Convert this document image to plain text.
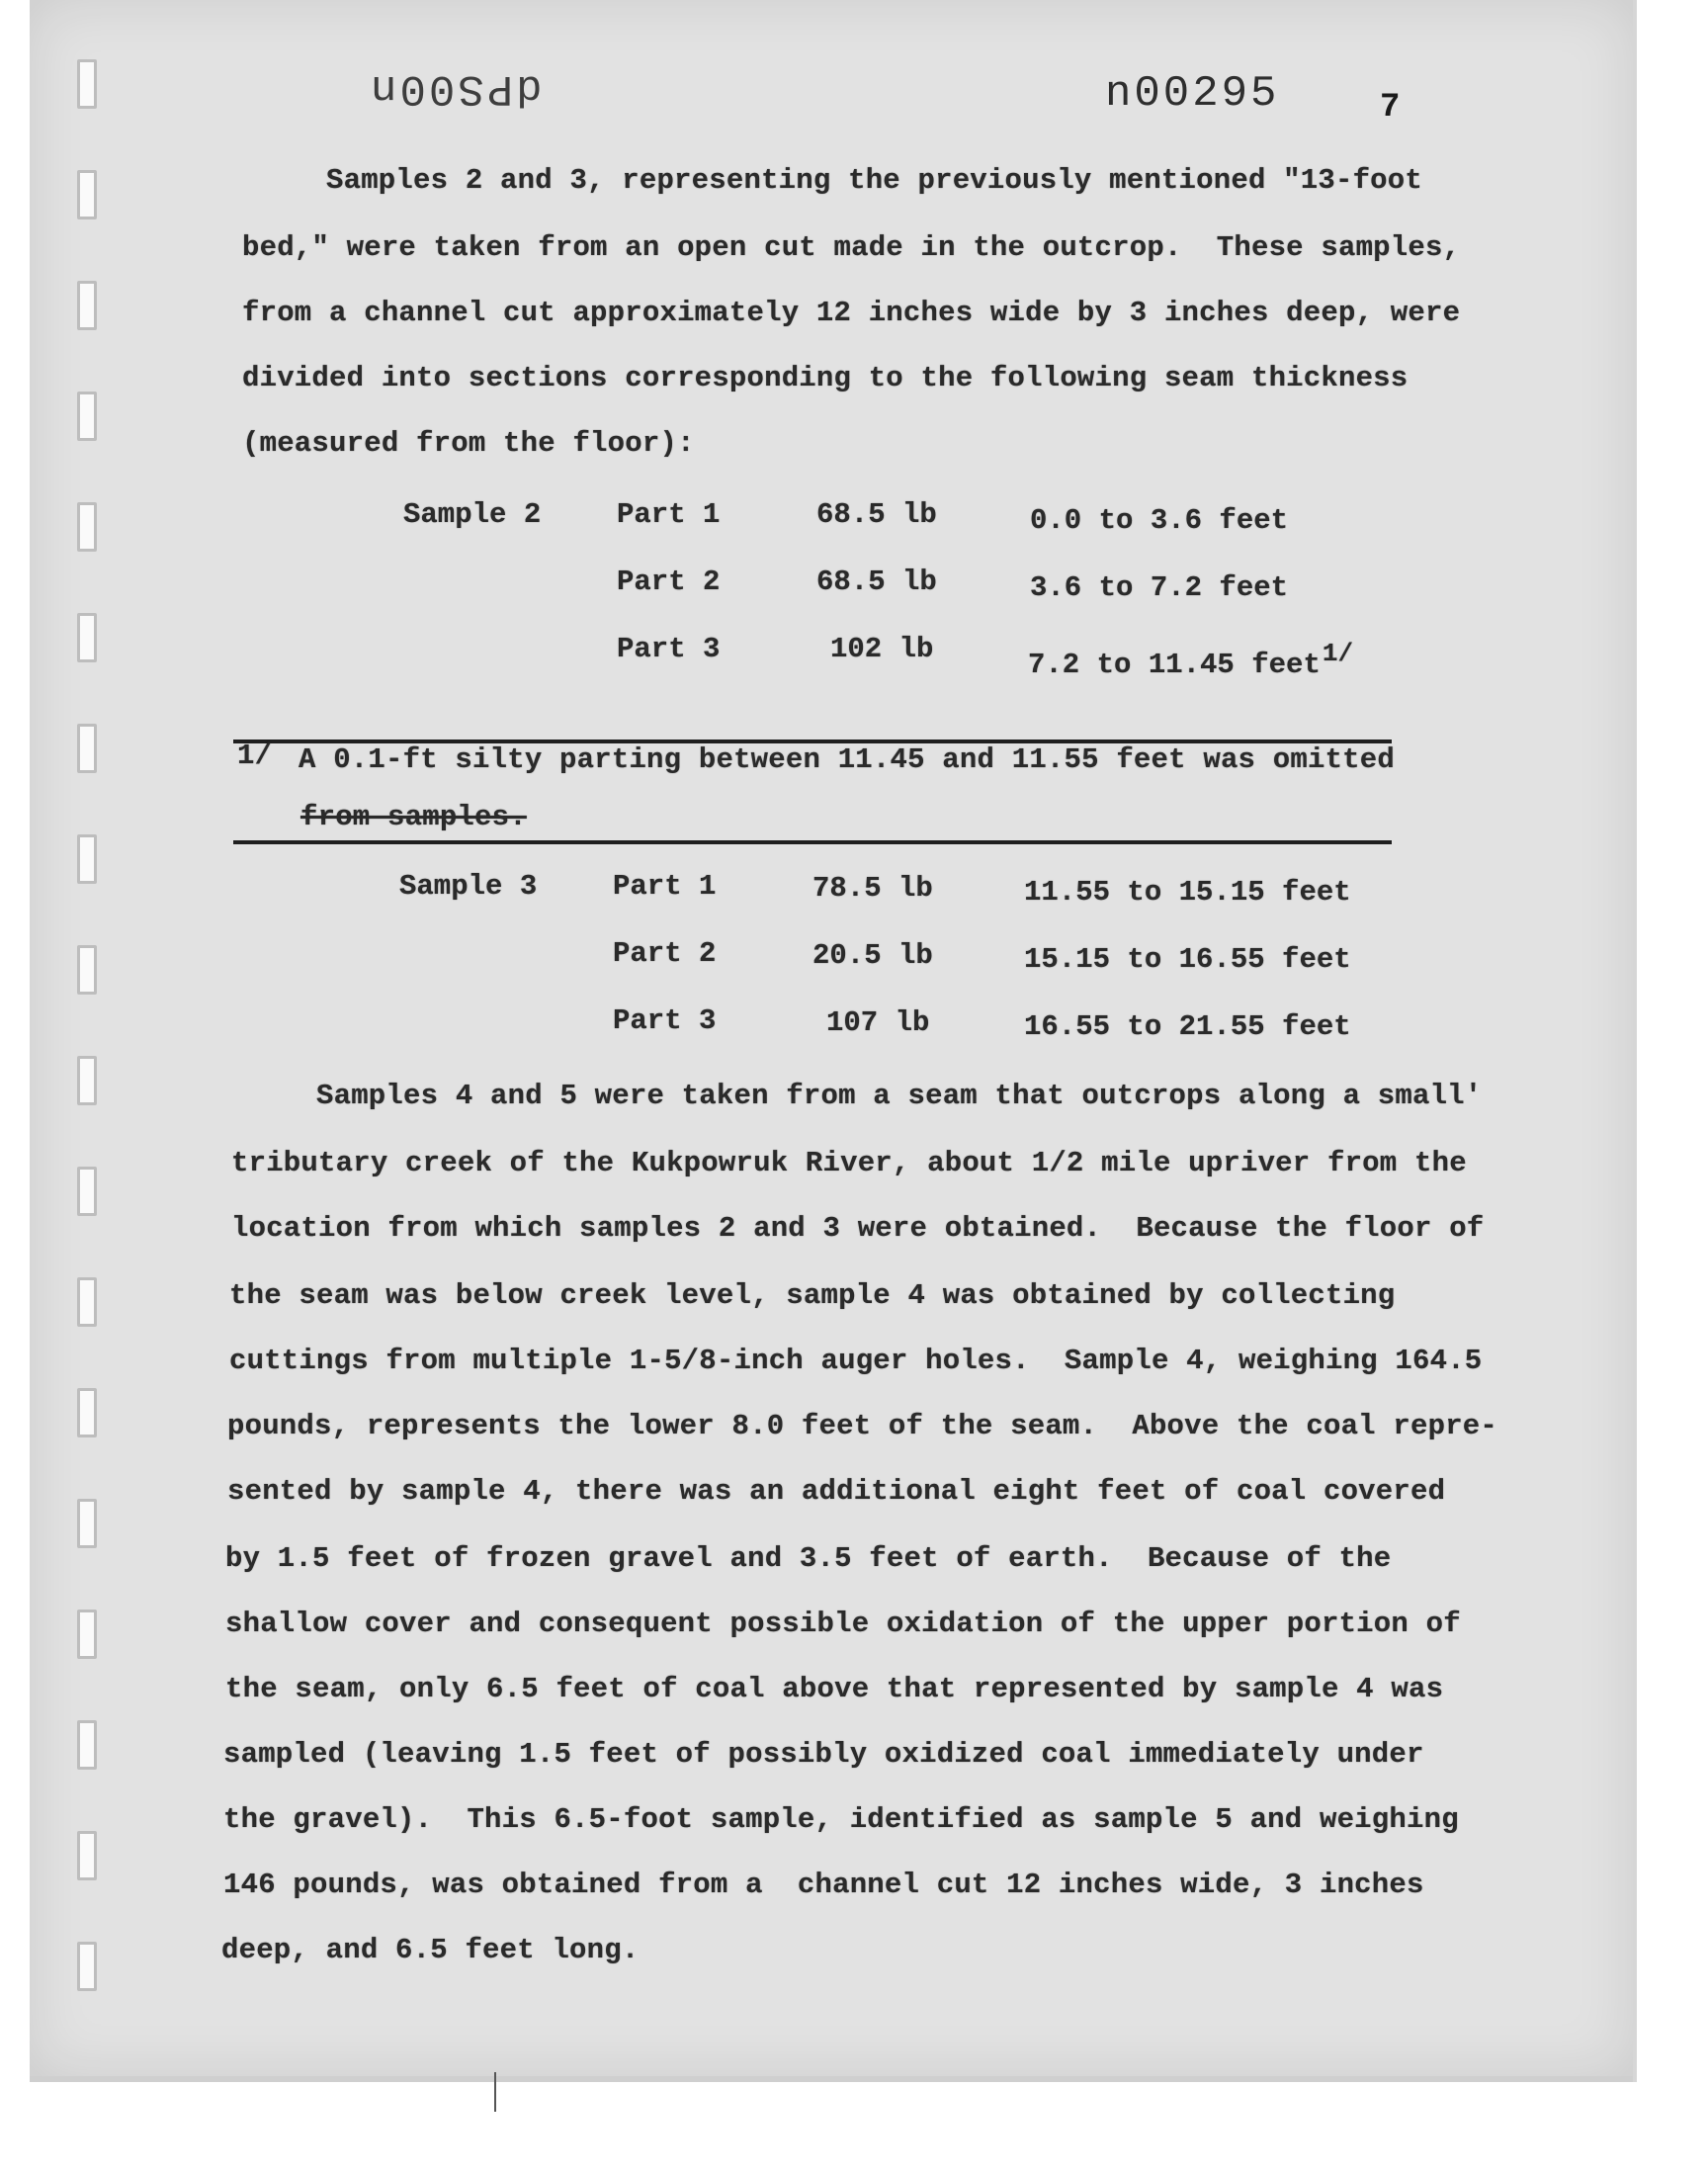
dPS00n	n00295	7
Samples 2 and 3, representing the previously mentioned "13-foot
bed," were taken from an open cut made in the outcrop.  These samples,
from a channel cut approximately 12 inches wide by 3 inches deep, were
divided into sections corresponding to the following seam thickness
(measured from the floor):
Sample 2	Part 1	68.5 lb	0.0 to 3.6 feet
Part 2	68.5 lb	3.6 to 7.2 feet
Part 3	102 lb	7.2 to 11.45 feet$^{1/}$
1/ A 0.1-ft silty parting between 11.45 and 11.55 feet was omitted
from samples.
Sample 3	Part 1	78.5 lb	11.55 to 15.15 feet
Part 2	20.5 lb	15.15 to 16.55 feet
Part 3	107 lb	16.55 to 21.55 feet
Samples 4 and 5 were taken from a seam that outcrops along a small'
tributary creek of the Kukpowruk River, about 1/2 mile upriver from the
location from which samples 2 and 3 were obtained.  Because the floor of
the seam was below creek level, sample 4 was obtained by collecting
cuttings from multiple 1-5/8-inch auger holes.  Sample 4, weighing 164.5
pounds, represents the lower 8.0 feet of the seam.  Above the coal repre-
sented by sample 4, there was an additional eight feet of coal covered
by 1.5 feet of frozen gravel and 3.5 feet of earth.  Because of the
shallow cover and consequent possible oxidation of the upper portion of
the seam, only 6.5 feet of coal above that represented by sample 4 was
sampled (leaving 1.5 feet of possibly oxidized coal immediately under
the gravel).  This 6.5-foot sample, identified as sample 5 and weighing
146 pounds, was obtained from a  channel cut 12 inches wide, 3 inches
deep, and 6.5 feet long.
